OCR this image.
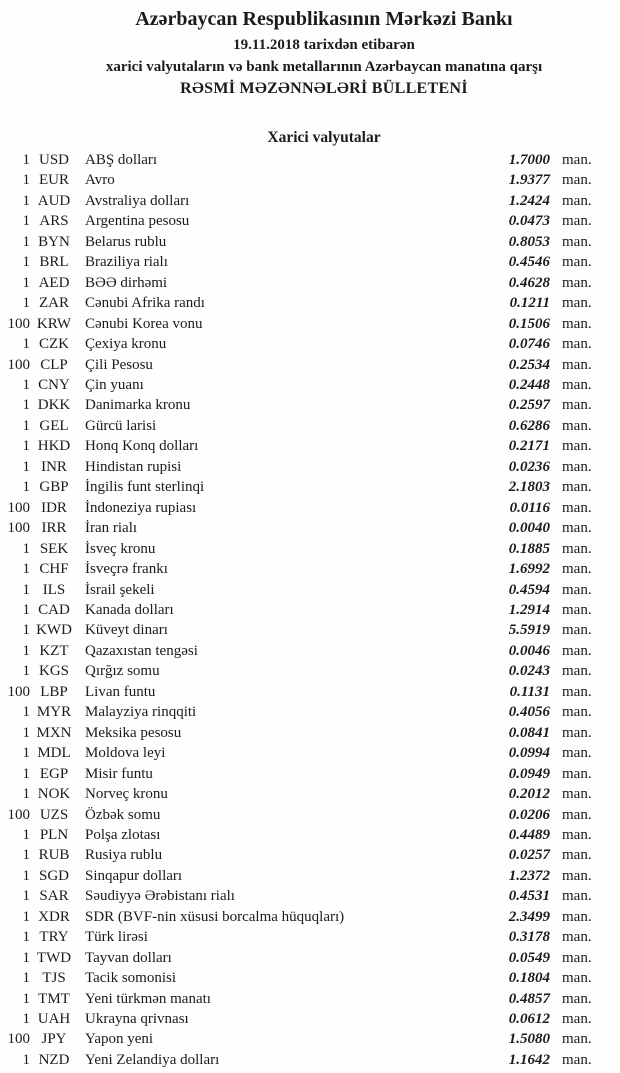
Azərbaycan Respublikasının Mərkəzi Bankı
19.11.2018 tarixdən etibarən
xarici valyutaların və bank metallarının Azərbaycan manatına qarşı
RƏSMİ MƏZƏNNƏLƏRİ BÜLLETENİ
Xarici valyutalar
1 USD	ABŞ dolları	1.7000 man.
1 EUR	Avro	1.9377 man.
1 AUD Avstraliya dolları	1.2424 man.
1 ARS	Argentina pesosu	0.0473 man.
1 BYN	Belarus rublu	0.8053 man.
1 BRL	Braziliya rialı	0.4546 man.
1 AED	BƏƏ dirhəmi	0.4628 man.
1 ZAR	Cənubi Afrika randı	0.1211 man.
100 KRW Cənubi Korea vonu	0.1506 man.
1 CZK	Çexiya kronu	0.0746 man.
100 CLP	Çili Pesosu	0.2534 man.
1 CNY	Çin yuanı	0.2448 man.
1 DKK Danimarka kronu	0.2597 man.
1 GEL	Gürcü larisi	0.6286 man.
1 HKD Honq Konq dolları	0.2171 man.
1 INR	Hindistan rupisi	0.0236 man.
1 GBP	İngilis funt sterlinqi	2.1803 man.
100 IDR	İndoneziya rupiası	0.0116 man.
100 IRR	İran rialı	0.0040 man.
1 SEK	İsveç kronu	0.1885 man.
1 CHF	İsveçrə frankı	1.6992 man.
1 ILS	İsrail şekeli	0.4594 man.
1 CAD	Kanada dolları	1.2914 man.
1 KWD Küveyt dinarı	5.5919 man.
1 KZT	Qazaxıstan tengəsi	0.0046 man.
1 KGS	Qırğız somu	0.0243 man.
100 LBP	Livan funtu	0.1131 man.
1 MYR Malayziya rinqqiti	0.4056 man.
1 MXN Meksika pesosu	0.0841 man.
1 MDL Moldova leyi	0.0994 man.
1 EGP	Misir funtu	0.0949 man.
1 NOK Norveç kronu	0.2012 man.
100 UZS	Özbək somu	0.0206 man.
1 PLN	Polşa zlotası	0.4489 man.
1 RUB	Rusiya rublu	0.0257 man.
1 SGD	Sinqapur dolları	1.2372 man.
1 SAR	Səudiyyə Ərəbistanı rialı	0.4531 man.
1 XDR	SDR (BVF-nin xüsusi borcalma hüquqları)	2.3499 man.
1 TRY	Türk lirəsi	0.3178 man.
1 TWD Tayvan dolları	0.0549 man.
1 TJS	Tacik somonisi	0.1804 man.
1 TMT	Yeni türkmən manatı	0.4857 man.
1 UAH Ukrayna qrivnası	0.0612 man.
100 JPY	Yapon yeni	1.5080 man.
1 NZD	Yeni Zelandiya dolları	1.1642 man.
